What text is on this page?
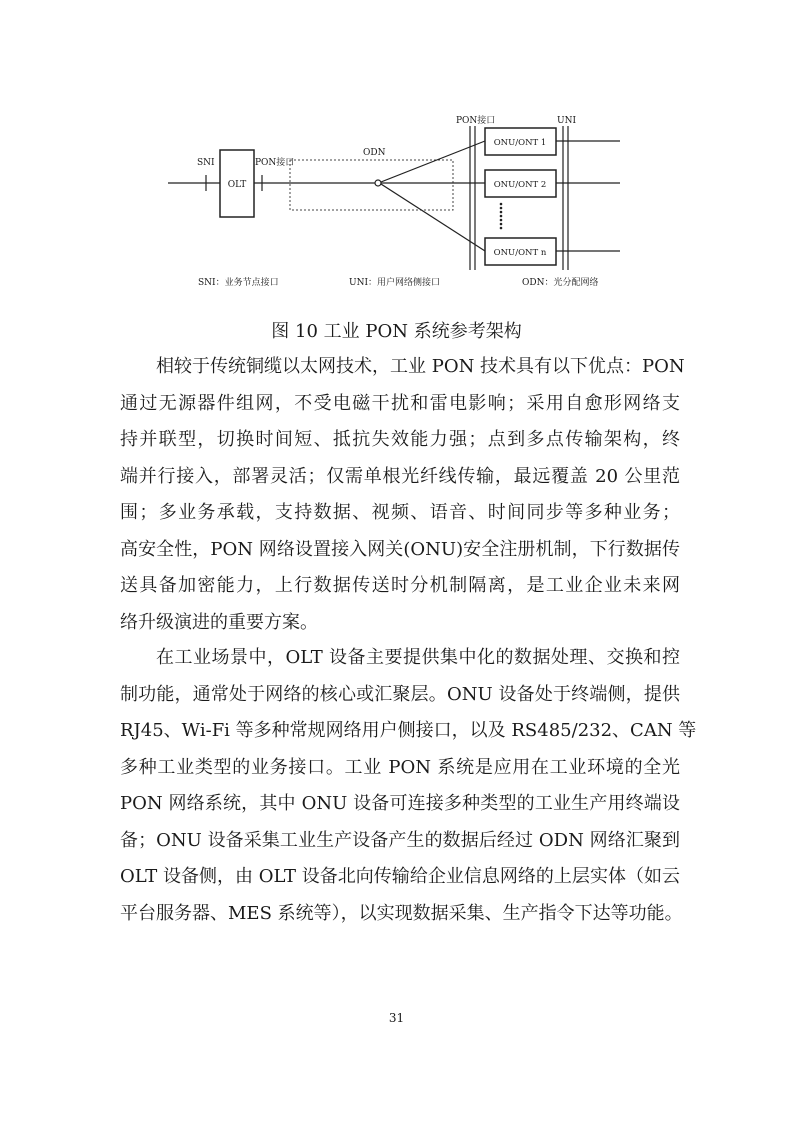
SNI
OLT
PON接口
ODN
PON接口	UNI
ONU/ONT 1
ONU/ONT 2
ONU/ONT n
SNI：业务节点接口	UNI：用户网络侧接口	ODN：光分配网络
图 10 工业 PON 系统参考架构
相较于传统铜缆以太网技术，工业 PON 技术具有以下优点：PON
通过无源器件组网，不受电磁干扰和雷电影响；采用自愈形网络支
持并联型，切换时间短、抵抗失效能力强；点到多点传输架构，终
端并行接入，部署灵活；仅需单根光纤线传输，最远覆盖 20 公里范
围；多业务承载，支持数据、视频、语音、时间同步等多种业务；
高安全性，PON 网络设置接入网关(ONU)安全注册机制，下行数据传
送具备加密能力，上行数据传送时分机制隔离，是工业企业未来网
络升级演进的重要方案。
在工业场景中，OLT 设备主要提供集中化的数据处理、交换和控
制功能，通常处于网络的核心或汇聚层。ONU 设备处于终端侧，提供
RJ45、Wi-Fi 等多种常规网络用户侧接口，以及 RS485/232、CAN 等
多种工业类型的业务接口。工业 PON 系统是应用在工业环境的全光
PON 网络系统，其中 ONU 设备可连接多种类型的工业生产用终端设
备；ONU 设备采集工业生产设备产生的数据后经过 ODN 网络汇聚到
OLT 设备侧，由 OLT 设备北向传输给企业信息网络的上层实体（如云
平台服务器、MES 系统等），以实现数据采集、生产指令下达等功能。
31
